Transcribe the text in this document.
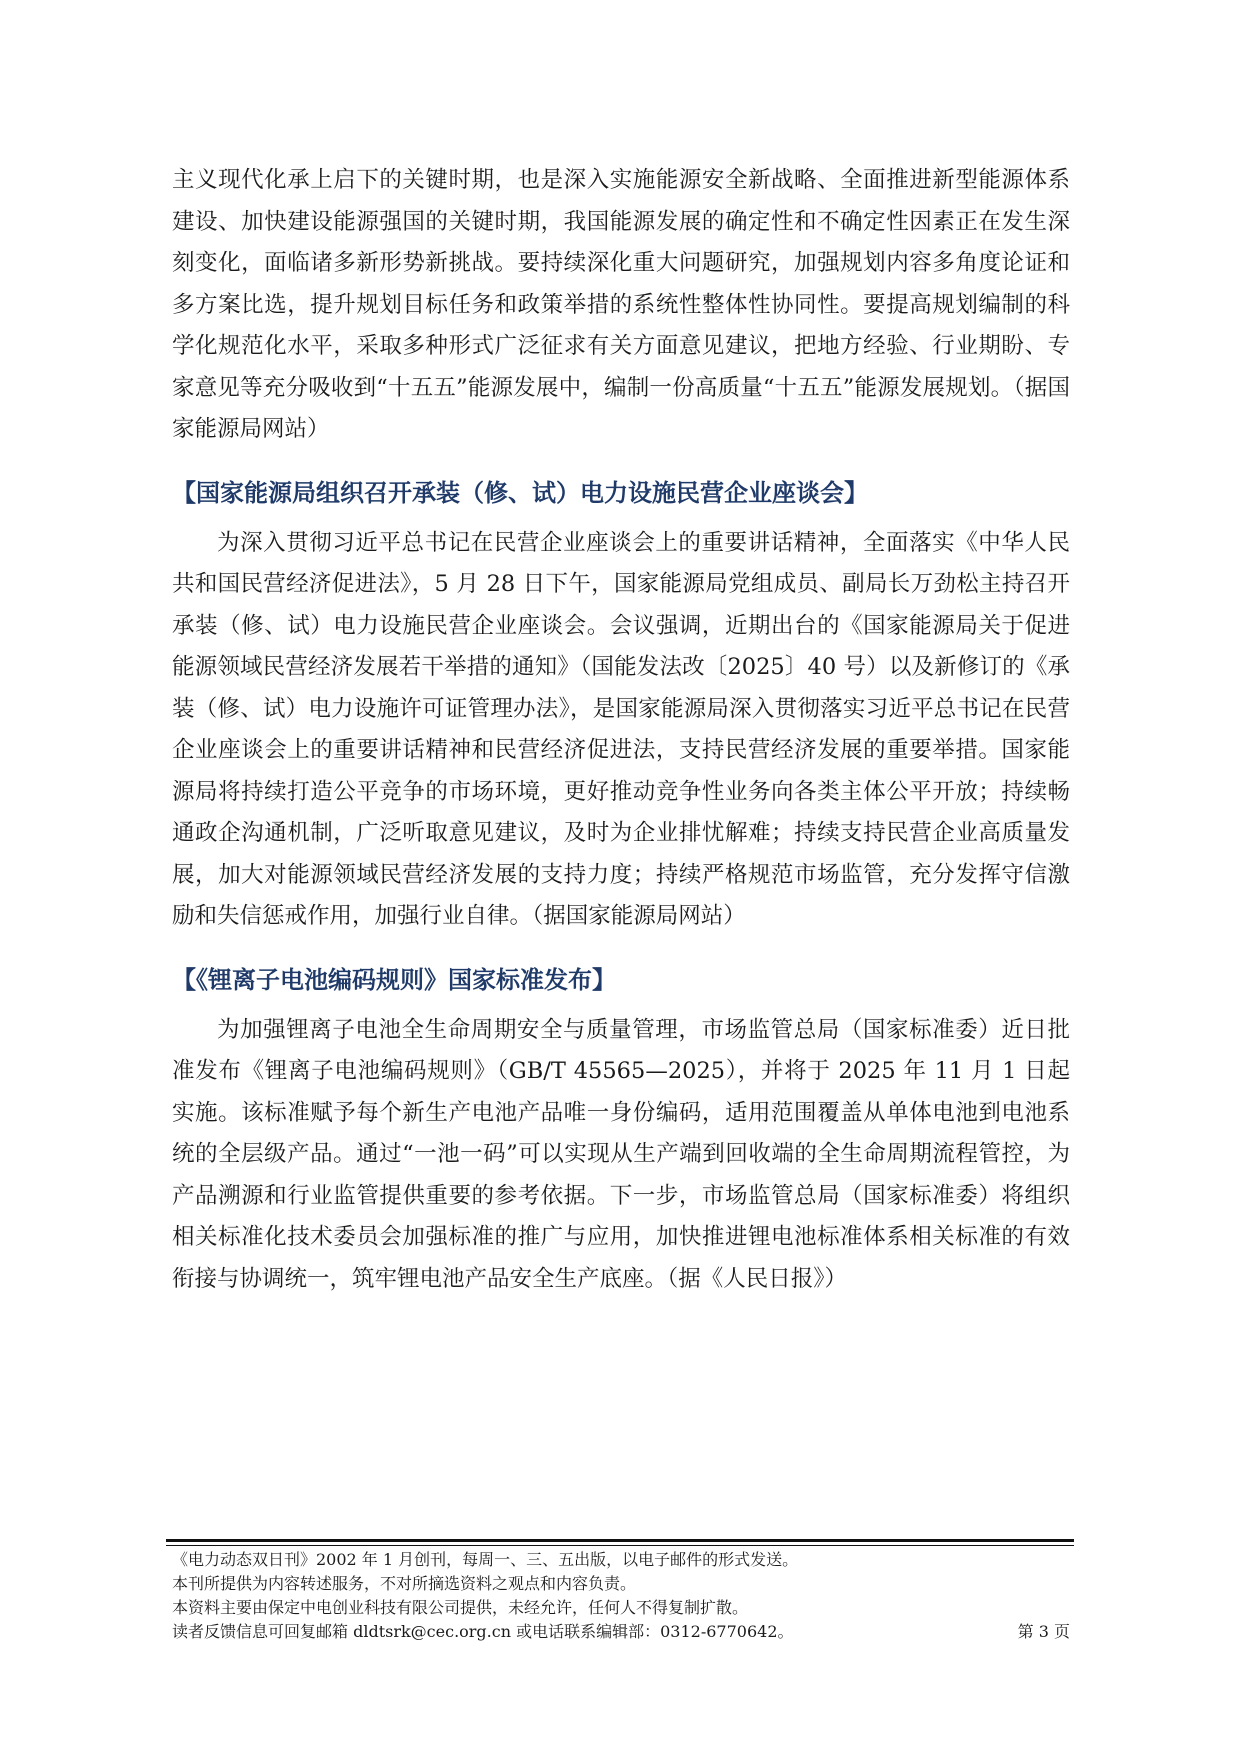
主义现代化承上启下的关键时期，也是深入实施能源安全新战略、全面推进新型能源体系建设、加快建设能源强国的关键时期，我国能源发展的确定性和不确定性因素正在发生深刻变化，面临诸多新形势新挑战。要持续深化重大问题研究，加强规划内容多角度论证和多方案比选，提升规划目标任务和政策举措的系统性整体性协同性。要提高规划编制的科学化规范化水平，采取多种形式广泛征求有关方面意见建议，把地方经验、行业期盼、专家意见等充分吸收到“十五五”能源发展中，编制一份高质量“十五五”能源发展规划。（据国家能源局网站）

【国家能源局组织召开承装（修、试）电力设施民营企业座谈会】

为深入贯彻习近平总书记在民营企业座谈会上的重要讲话精神，全面落实《中华人民共和国民营经济促进法》，5 月 28 日下午，国家能源局党组成员、副局长万劲松主持召开承装（修、试）电力设施民营企业座谈会。会议强调，近期出台的《国家能源局关于促进能源领域民营经济发展若干举措的通知》（国能发法改〔2025〕40 号）以及新修订的《承装（修、试）电力设施许可证管理办法》，是国家能源局深入贯彻落实习近平总书记在民营企业座谈会上的重要讲话精神和民营经济促进法，支持民营经济发展的重要举措。国家能源局将持续打造公平竞争的市场环境，更好推动竞争性业务向各类主体公平开放；持续畅通政企沟通机制，广泛听取意见建议，及时为企业排忧解难；持续支持民营企业高质量发展，加大对能源领域民营经济发展的支持力度；持续严格规范市场监管，充分发挥守信激励和失信惩戒作用，加强行业自律。（据国家能源局网站）

【《锂离子电池编码规则》国家标准发布】

为加强锂离子电池全生命周期安全与质量管理，市场监管总局（国家标准委）近日批准发布《锂离子电池编码规则》（GB/T 45565—2025），并将于 2025 年 11 月 1 日起实施。该标准赋予每个新生产电池产品唯一身份编码，适用范围覆盖从单体电池到电池系统的全层级产品。通过“一池一码”可以实现从生产端到回收端的全生命周期流程管控，为产品溯源和行业监管提供重要的参考依据。下一步，市场监管总局（国家标准委）将组织相关标准化技术委员会加强标准的推广与应用，加快推进锂电池标准体系相关标准的有效衔接与协调统一，筑牢锂电池产品安全生产底座。（据《人民日报》）

《电力动态双日刊》2002 年 1 月创刊，每周一、三、五出版，以电子邮件的形式发送。

本刊所提供为内容转述服务，不对所摘选资料之观点和内容负责。

本资料主要由保定中电创业科技有限公司提供，未经允许，任何人不得复制扩散。

读者反馈信息可回复邮箱 dldtsrk@cec.org.cn 或电话联系编辑部：0312-6770642。	第 3 页
